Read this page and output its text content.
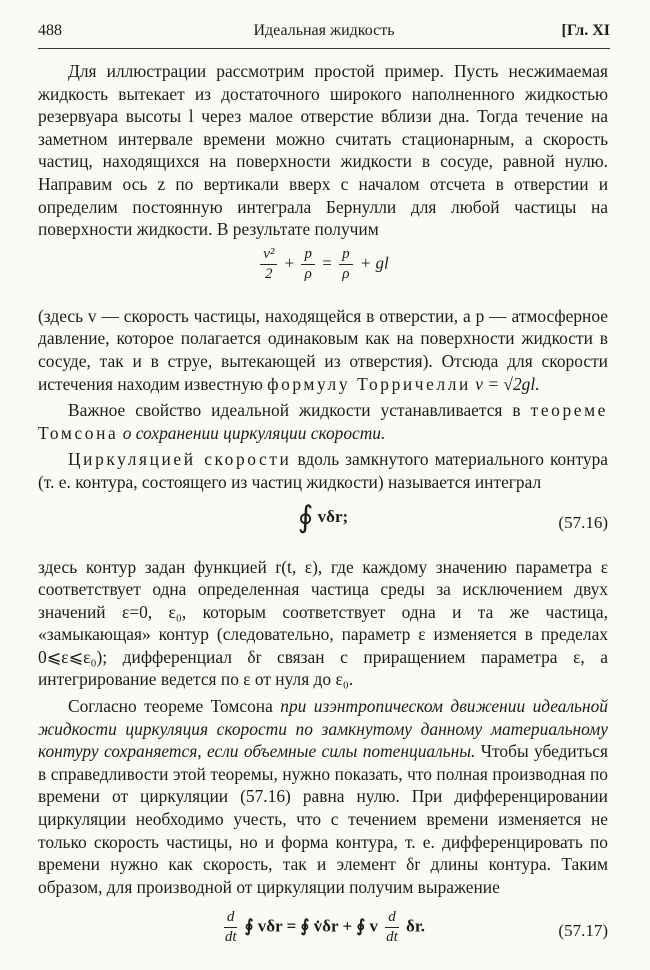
488	Идеальная жидкость	[Гл. XI

Для иллюстрации рассмотрим простой пример. Пусть несжимаемая жидкость вытекает из достаточного широкого наполненного жидкостью резервуара высоты l через малое отверстие вблизи дна. Тогда течение на заметном интервале времени можно считать стационарным, а скорость частиц, находящихся на поверхности жидкости в сосуде, равной нулю. Направим ось z по вертикали вверх с началом отсчета в отверстии и определим постоянную интеграла Бернулли для любой частицы на поверхности жидкости. В результате получим

$\frac{\text{v²}}{2} + \frac{p}{\rho} = \frac{p}{\rho}$ + gl

(здесь v — скорость частицы, находящейся в отверстии, а p — атмосферное давление, которое полагается одинаковым как на поверхности жидкости в сосуде, так и в струе, вытекающей из отверстия). Отсюда для скорости истечения находим известную формулу Торричелли v = √2gl.

Важное свойство идеальной жидкости устанавливается в теореме Томсона о сохранении циркуляции скорости.

Циркуляцией скорости вдоль замкнутого материального контура (т. е. контура, состоящего из частиц жидкости) называется интеграл

∮ vδr;	(57.16)

здесь контур задан функцией r(t, ε), где каждому значению параметра ε соответствует одна определенная частица среды за исключением двух значений ε=0, ε₀, которым соответствует одна и та же частица, «замыкающая» контур (следовательно, параметр ε изменяется в пределах 0⩽ε⩽ε₀); дифференциал δr связан с приращением параметра ε, а интегрирование ведется по ε от нуля до ε₀.

Согласно теореме Томсона при изэнтропическом движении идеальной жидкости циркуляция скорости по замкнутому данному материальному контуру сохраняется, если объемные силы потенциальны. Чтобы убедиться в справедливости этой теоремы, нужно показать, что полная производная по времени от циркуляции (57.16) равна нулю. При дифференцировании циркуляции необходимо учесть, что с течением времени изменяется не только скорость частицы, но и форма контура, т. е. дифференцировать по времени нужно как скорость, так и элемент δr длины контура. Таким образом, для производной от циркуляции получим выражение

$\frac{d}{dt}$ ∮ vδr = ∮ v̇δr + ∮ v $\frac{d}{dt} \delta r$.	(57.17)
